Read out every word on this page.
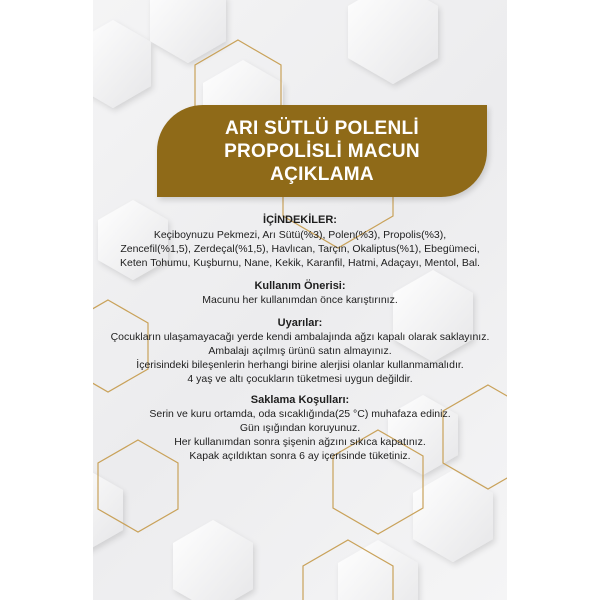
ARI SÜTLÜ POLENLİ
PROPOLİSLİ MACUN
AÇIKLAMA
İÇİNDEKİLER:
Keçiboynuzu Pekmezi, Arı Sütü(%3), Polen(%3), Propolis(%3),
Zencefil(%1,5), Zerdeçal(%1,5), Havlıcan, Tarçın, Okaliptus(%1), Ebegümeci,
Keten Tohumu, Kuşburnu, Nane, Kekik, Karanfil, Hatmi, Adaçayı, Mentol, Bal.
Kullanım Önerisi:
Macunu her kullanımdan önce karıştırınız.
Uyarılar:
Çocukların ulaşamayacağı yerde kendi ambalajında ağzı kapalı olarak saklayınız.
Ambalajı açılmış ürünü satın almayınız.
İçerisindeki bileşenlerin herhangi birine alerjisi olanlar kullanmamalıdır.
4 yaş ve altı çocukların tüketmesi uygun değildir.
Saklama Koşulları:
Serin ve kuru ortamda, oda sıcaklığında(25 °C) muhafaza ediniz.
Gün ışığından koruyunuz.
Her kullanımdan sonra şişenin ağzını sıkıca kapatınız.
Kapak açıldıktan sonra 6 ay içerisinde tüketiniz.
